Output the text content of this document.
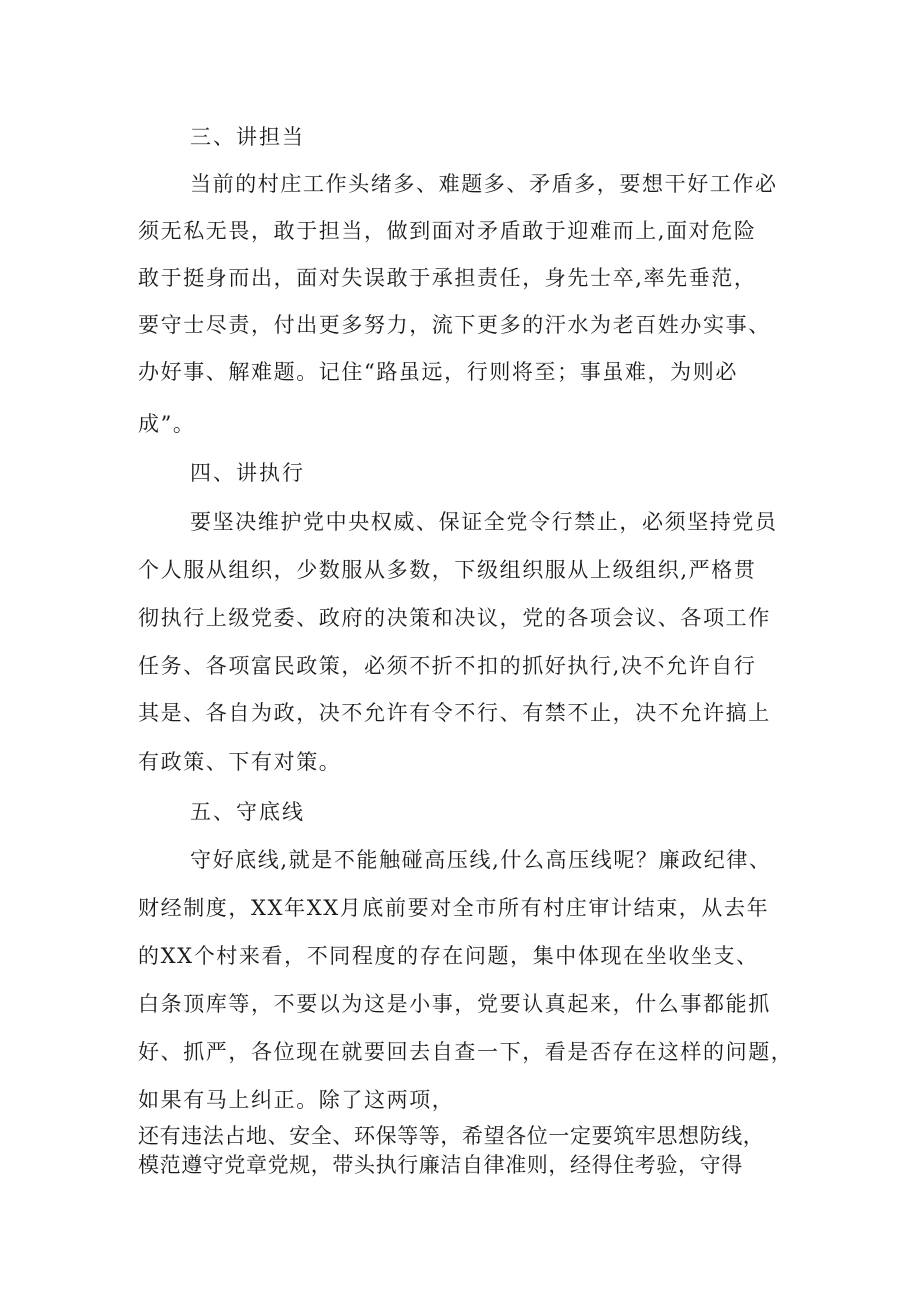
三、讲担当
当前的村庄工作头绪多、难题多、矛盾多，要想干好工作必
须无私无畏，敢于担当，做到面对矛盾敢于迎难而上,面对危险
敢于挺身而出，面对失误敢于承担责任，身先士卒,率先垂范，
要守士尽责，付出更多努力，流下更多的汗水为老百姓办实事、
办好事、解难题。记住“路虽远，行则将至；事虽难，为则必
成”。
四、讲执行
要坚决维护党中央权威、保证全党令行禁止，必须坚持党员
个人服从组织，少数服从多数，下级组织服从上级组织,严格贯
彻执行上级党委、政府的决策和决议，党的各项会议、各项工作
任务、各项富民政策，必须不折不扣的抓好执行,决不允许自行
其是、各自为政，决不允许有令不行、有禁不止，决不允许搞上
有政策、下有对策。
五、守底线
守好底线,就是不能触碰高压线,什么高压线呢？廉政纪律、
财经制度，XX年XX月底前要对全市所有村庄审计结束，从去年
的XX个村来看，不同程度的存在问题，集中体现在坐收坐支、
白条顶库等，不要以为这是小事，党要认真起来，什么事都能抓
好、抓严，各位现在就要回去自查一下，看是否存在这样的问题，
如果有马上纠正。除了这两项，
还有违法占地、安全、环保等等，希望各位一定要筑牢思想防线，
模范遵守党章党规，带头执行廉洁自律准则，经得住考验，守得
